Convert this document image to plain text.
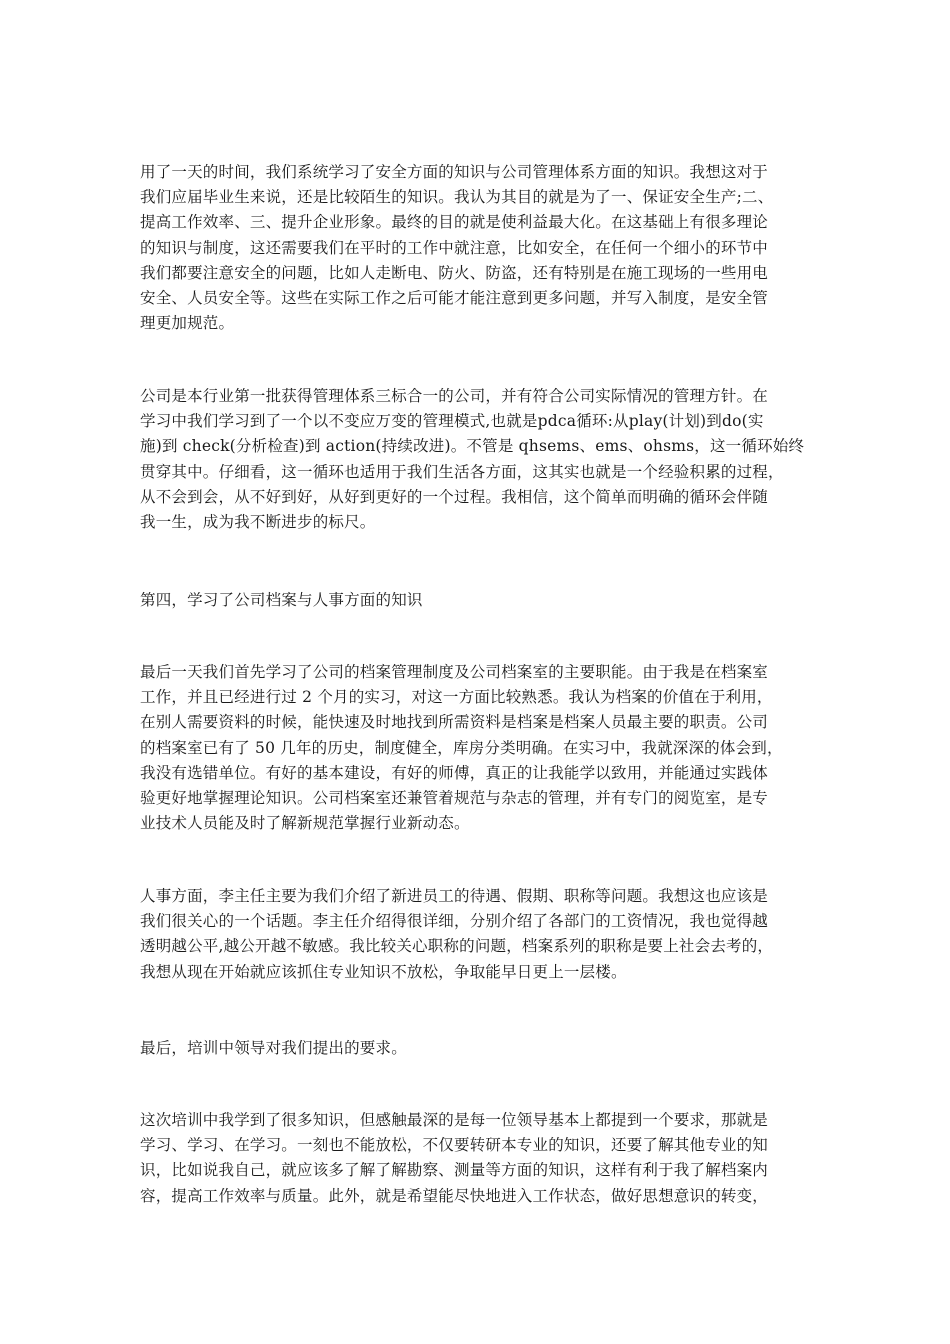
用了一天的时间，我们系统学习了安全方面的知识与公司管理体系方面的知识。我想这对于
我们应届毕业生来说，还是比较陌生的知识。我认为其目的就是为了一、保证安全生产;二、
提高工作效率、三、提升企业形象。最终的目的就是使利益最大化。在这基础上有很多理论
的知识与制度，这还需要我们在平时的工作中就注意，比如安全，在任何一个细小的环节中
我们都要注意安全的问题，比如人走断电、防火、防盗，还有特别是在施工现场的一些用电
安全、人员安全等。这些在实际工作之后可能才能注意到更多问题，并写入制度，是安全管
理更加规范。
公司是本行业第一批获得管理体系三标合一的公司，并有符合公司实际情况的管理方针。在
学习中我们学习到了一个以不变应万变的管理模式,也就是pdca循环:从play(计划)到do(实
施)到 check(分析检查)到 action(持续改进)。不管是 qhsems、ems、ohsms，这一循环始终
贯穿其中。仔细看，这一循环也适用于我们生活各方面，这其实也就是一个经验积累的过程，
从不会到会，从不好到好，从好到更好的一个过程。我相信，这个简单而明确的循环会伴随
我一生，成为我不断进步的标尺。
第四，学习了公司档案与人事方面的知识
最后一天我们首先学习了公司的档案管理制度及公司档案室的主要职能。由于我是在档案室
工作，并且已经进行过 2 个月的实习，对这一方面比较熟悉。我认为档案的价值在于利用，
在别人需要资料的时候，能快速及时地找到所需资料是档案是档案人员最主要的职责。公司
的档案室已有了 50 几年的历史，制度健全，库房分类明确。在实习中，我就深深的体会到，
我没有选错单位。有好的基本建设，有好的师傅，真正的让我能学以致用，并能通过实践体
验更好地掌握理论知识。公司档案室还兼管着规范与杂志的管理，并有专门的阅览室，是专
业技术人员能及时了解新规范掌握行业新动态。
人事方面，李主任主要为我们介绍了新进员工的待遇、假期、职称等问题。我想这也应该是
我们很关心的一个话题。李主任介绍得很详细，分别介绍了各部门的工资情况，我也觉得越
透明越公平,越公开越不敏感。我比较关心职称的问题，档案系列的职称是要上社会去考的，
我想从现在开始就应该抓住专业知识不放松，争取能早日更上一层楼。
最后，培训中领导对我们提出的要求。
这次培训中我学到了很多知识，但感触最深的是每一位领导基本上都提到一个要求，那就是
学习、学习、在学习。一刻也不能放松，不仅要转研本专业的知识，还要了解其他专业的知
识，比如说我自己，就应该多了解了解勘察、测量等方面的知识，这样有利于我了解档案内
容，提高工作效率与质量。此外，就是希望能尽快地进入工作状态，做好思想意识的转变，
